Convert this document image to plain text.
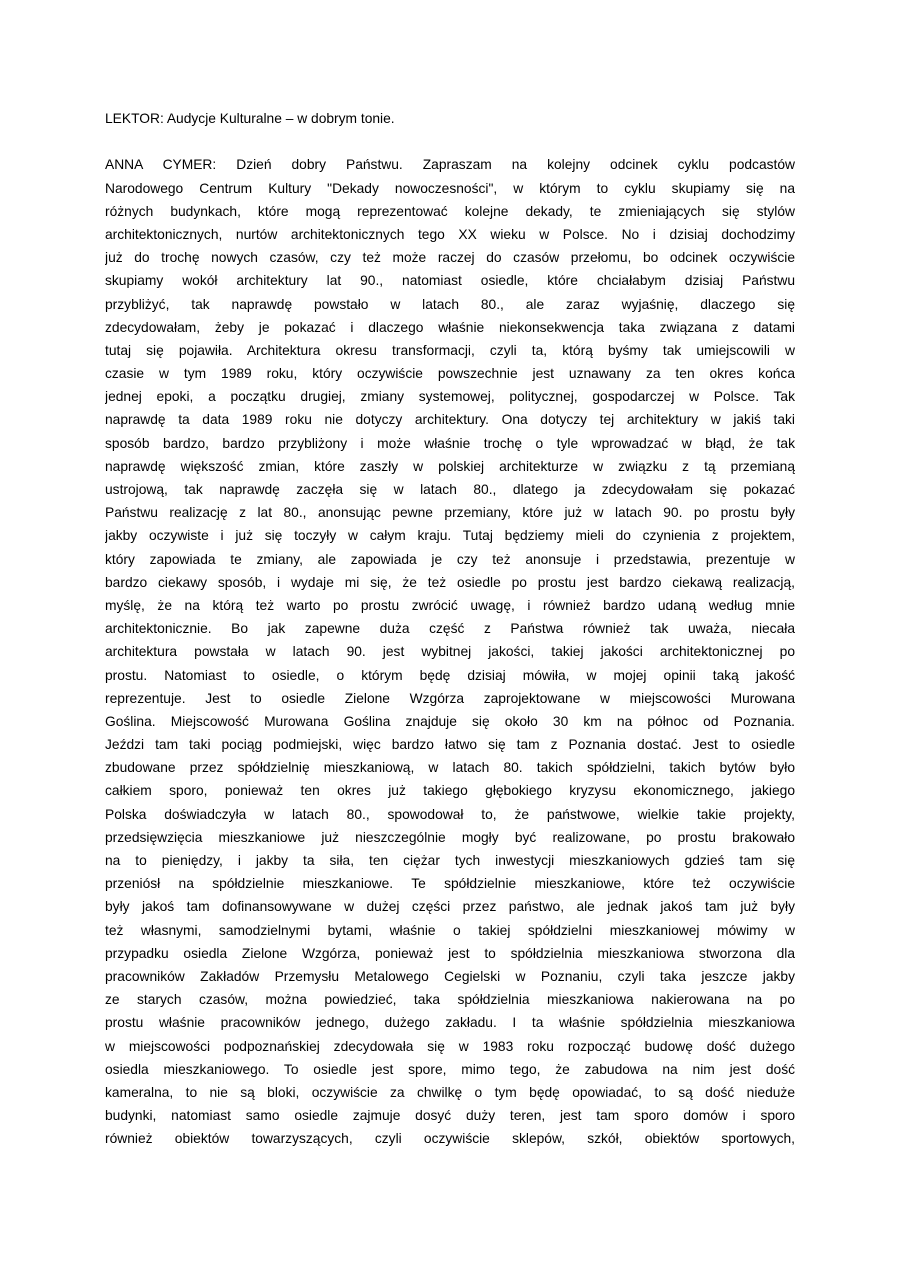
LEKTOR: Audycje Kulturalne – w dobrym tonie.
ANNA CYMER: Dzień dobry Państwu. Zapraszam na kolejny odcinek cyklu podcastów
Narodowego Centrum Kultury "Dekady nowoczesności", w którym to cyklu skupiamy się na
różnych budynkach, które mogą reprezentować kolejne dekady, te zmieniających się stylów
architektonicznych, nurtów architektonicznych tego XX wieku w Polsce. No i dzisiaj dochodzimy
już do trochę nowych czasów, czy też może raczej do czasów przełomu, bo odcinek oczywiście
skupiamy wokół architektury lat 90., natomiast osiedle, które chciałabym dzisiaj Państwu
przybliżyć, tak naprawdę powstało w latach 80., ale zaraz wyjaśnię, dlaczego się
zdecydowałam, żeby je pokazać i dlaczego właśnie niekonsekwencja taka związana z datami
tutaj się pojawiła. Architektura okresu transformacji, czyli ta, którą byśmy tak umiejscowili w
czasie w tym 1989 roku, który oczywiście powszechnie jest uznawany za ten okres końca
jednej epoki, a początku drugiej, zmiany systemowej, politycznej, gospodarczej w Polsce. Tak
naprawdę ta data 1989 roku nie dotyczy architektury. Ona dotyczy tej architektury w jakiś taki
sposób bardzo, bardzo przybliżony i może właśnie trochę o tyle wprowadzać w błąd, że tak
naprawdę większość zmian, które zaszły w polskiej architekturze w związku z tą przemianą
ustrojową, tak naprawdę zaczęła się w latach 80., dlatego ja zdecydowałam się pokazać
Państwu realizację z lat 80., anonsując pewne przemiany, które już w latach 90. po prostu były
jakby oczywiste i już się toczyły w całym kraju. Tutaj będziemy mieli do czynienia z projektem,
który zapowiada te zmiany, ale zapowiada je czy też anonsuje i przedstawia, prezentuje w
bardzo ciekawy sposób, i wydaje mi się, że też osiedle po prostu jest bardzo ciekawą realizacją,
myślę, że na którą też warto po prostu zwrócić uwagę, i również bardzo udaną według mnie
architektonicznie. Bo jak zapewne duża część z Państwa również tak uważa, niecała
architektura powstała w latach 90. jest wybitnej jakości, takiej jakości architektonicznej po
prostu. Natomiast to osiedle, o którym będę dzisiaj mówiła, w mojej opinii taką jakość
reprezentuje. Jest to osiedle Zielone Wzgórza zaprojektowane w miejscowości Murowana
Goślina. Miejscowość Murowana Goślina znajduje się około 30 km na północ od Poznania.
Jeździ tam taki pociąg podmiejski, więc bardzo łatwo się tam z Poznania dostać. Jest to osiedle
zbudowane przez spółdzielnię mieszkaniową, w latach 80. takich spółdzielni, takich bytów było
całkiem sporo, ponieważ ten okres już takiego głębokiego kryzysu ekonomicznego, jakiego
Polska doświadczyła w latach 80., spowodował to, że państwowe, wielkie takie projekty,
przedsięwzięcia mieszkaniowe już nieszczególnie mogły być realizowane, po prostu brakowało
na to pieniędzy, i jakby ta siła, ten ciężar tych inwestycji mieszkaniowych gdzieś tam się
przeniósł na spółdzielnie mieszkaniowe. Te spółdzielnie mieszkaniowe, które też oczywiście
były jakoś tam dofinansowywane w dużej części przez państwo, ale jednak jakoś tam już były
też własnymi, samodzielnymi bytami, właśnie o takiej spółdzielni mieszkaniowej mówimy w
przypadku osiedla Zielone Wzgórza, ponieważ jest to spółdzielnia mieszkaniowa stworzona dla
pracowników Zakładów Przemysłu Metalowego Cegielski w Poznaniu, czyli taka jeszcze jakby
ze starych czasów, można powiedzieć, taka spółdzielnia mieszkaniowa nakierowana na po
prostu właśnie pracowników jednego, dużego zakładu. I ta właśnie spółdzielnia mieszkaniowa
w miejscowości podpoznańskiej zdecydowała się w 1983 roku rozpocząć budowę dość dużego
osiedla mieszkaniowego. To osiedle jest spore, mimo tego, że zabudowa na nim jest dość
kameralna, to nie są bloki, oczywiście za chwilkę o tym będę opowiadać, to są dość nieduże
budynki, natomiast samo osiedle zajmuje dosyć duży teren, jest tam sporo domów i sporo
również obiektów towarzyszących, czyli oczywiście sklepów, szkół, obiektów sportowych,
